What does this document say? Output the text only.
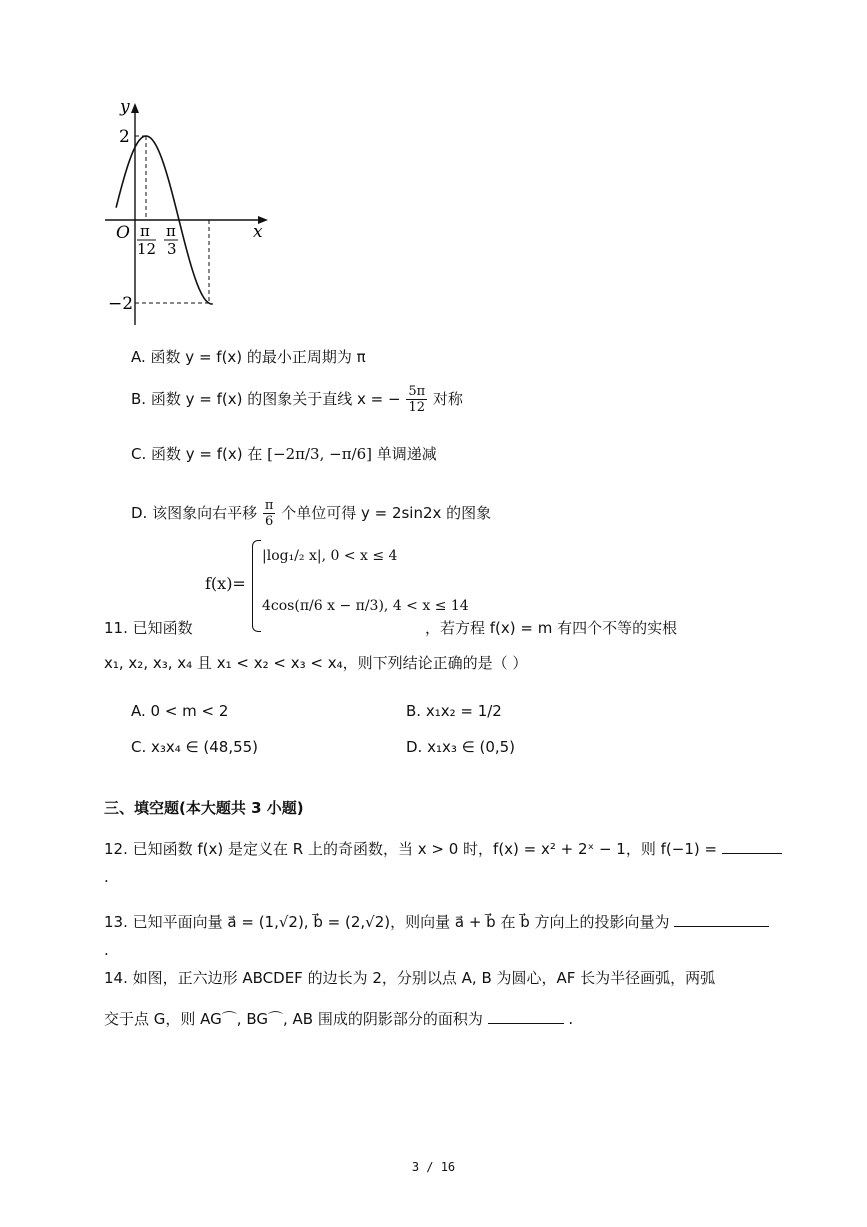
y
x
O
2
−2
π
12
π
3
A. 函数 y = f(x) 的最小正周期为 π
B. 函数 y = f(x) 的图象关于直线 x = − $\frac{5\pi}{12}$ 对称
C. 函数 y = f(x) 在 [−2π/3, −π/6] 单调递减
D. 该图象向右平移 $\frac{\pi}{6}$ 个单位可得 y = 2sin2x 的图象
f(x)=
|log₁/₂ x|, 0 < x ≤ 4
4cos(π/6 x − π/3), 4 < x ≤ 14
11. 已知函数	，若方程 f(x) = m 有四个不等的实根
x₁, x₂, x₃, x₄ 且 x₁ < x₂ < x₃ < x₄，则下列结论正确的是（ ）
A. 0 < m < 2	B. x₁x₂ = 1/2
C. x₃x₄ ∈ (48,55)	D. x₁x₃ ∈ (0,5)
三、填空题(本大题共 3 小题)
12. 已知函数 f(x) 是定义在 R 上的奇函数，当 x > 0 时，f(x) = x² + 2ˣ − 1，则 f(−1) =
.
13. 已知平面向量 a⃗ = (1,√2), b⃗ = (2,√2)，则向量 a⃗ + b⃗ 在 b⃗ 方向上的投影向量为
.
14. 如图，正六边形 ABCDEF 的边长为 2，分别以点 A, B 为圆心，AF 长为半径画弧，两弧
交于点 G，则 AG⌒, BG⌒, AB 围成的阴影部分的面积为	.
3 / 16
